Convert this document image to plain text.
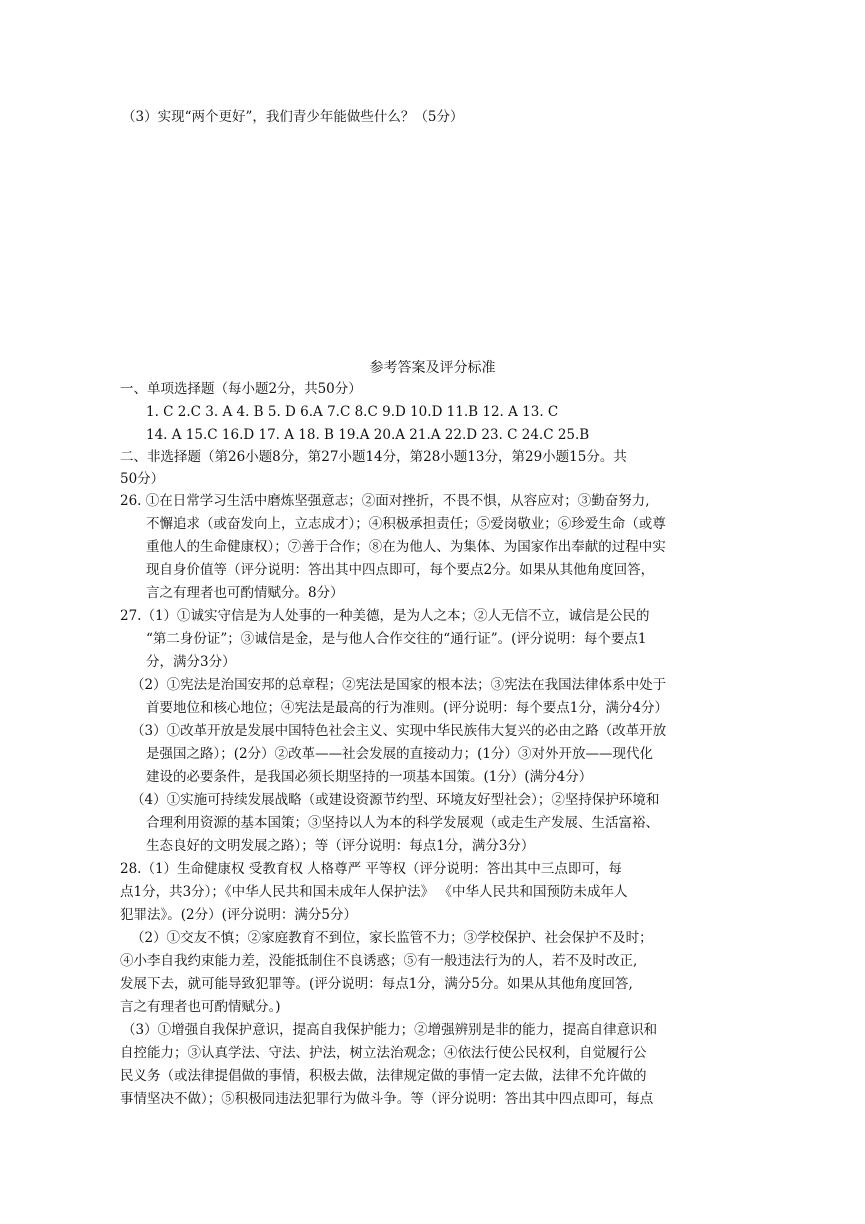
（3）实现“两个更好”，我们青少年能做些什么？（5分）
参考答案及评分标准
一、单项选择题（每小题2分，共50分）
1. C 2.C 3. A 4. B 5. D 6.A 7.C 8.C 9.D 10.D 11.B 12. A 13. C
14. A 15.C 16.D 17. A 18. B 19.A 20.A 21.A 22.D 23. C 24.C 25.B
二、非选择题（第26小题8分，第27小题14分，第28小题13分，第29小题15分。共
50分）
26. ①在日常学习生活中磨炼坚强意志；②面对挫折，不畏不惧，从容应对；③勤奋努力,
不懈追求（或奋发向上，立志成才）；④积极承担责任；⑤爱岗敬业；⑥珍爱生命（或尊
重他人的生命健康权）；⑦善于合作；⑧在为他人、为集体、为国家作出奉献的过程中实
现自身价值等（评分说明：答出其中四点即可，每个要点2分。如果从其他角度回答，
言之有理者也可酌情赋分。8分）
27.（1）①诚实守信是为人处事的一种美德，是为人之本；②人无信不立，诚信是公民的
“第二身份证”；③诚信是金，是与他人合作交往的“通行证”。(评分说明：每个要点1
分，满分3分）
（2）①宪法是治国安邦的总章程；②宪法是国家的根本法；③宪法在我国法律体系中处于
首要地位和核心地位；④宪法是最高的行为准则。(评分说明：每个要点1分，满分4分）
（3）①改革开放是发展中国特色社会主义、实现中华民族伟大复兴的必由之路（改革开放
是强国之路）；(2分）②改革——社会发展的直接动力；(1分）③对外开放——现代化
建设的必要条件，是我国必须长期坚持的一项基本国策。(1分）(满分4分）
（4）①实施可持续发展战略（或建设资源节约型、环境友好型社会）；②坚持保护环境和
合理利用资源的基本国策；③坚持以人为本的科学发展观（或走生产发展、生活富裕、
生态良好的文明发展之路）；等（评分说明：每点1分，满分3分）
28.（1）生命健康权 受教育权 人格尊严 平等权（评分说明：答出其中三点即可，每
点1分，共3分）；《中华人民共和国未成年人保护法》 《中华人民共和国预防未成年人
犯罪法》。(2分）(评分说明：满分5分）
（2）①交友不慎；②家庭教育不到位，家长监管不力；③学校保护、社会保护不及时；
④小李自我约束能力差，没能抵制住不良诱惑；⑤有一般违法行为的人，若不及时改正,
发展下去，就可能导致犯罪等。(评分说明：每点1分，满分5分。如果从其他角度回答,
言之有理者也可酌情赋分。)
（3）①增强自我保护意识，提高自我保护能力；②增强辨别是非的能力，提高自律意识和
自控能力；③认真学法、守法、护法，树立法治观念；④依法行使公民权利，自觉履行公
民义务（或法律提倡做的事情，积极去做，法律规定做的事情一定去做，法律不允许做的
事情坚决不做）；⑤积极同违法犯罪行为做斗争。等（评分说明：答出其中四点即可，每点
